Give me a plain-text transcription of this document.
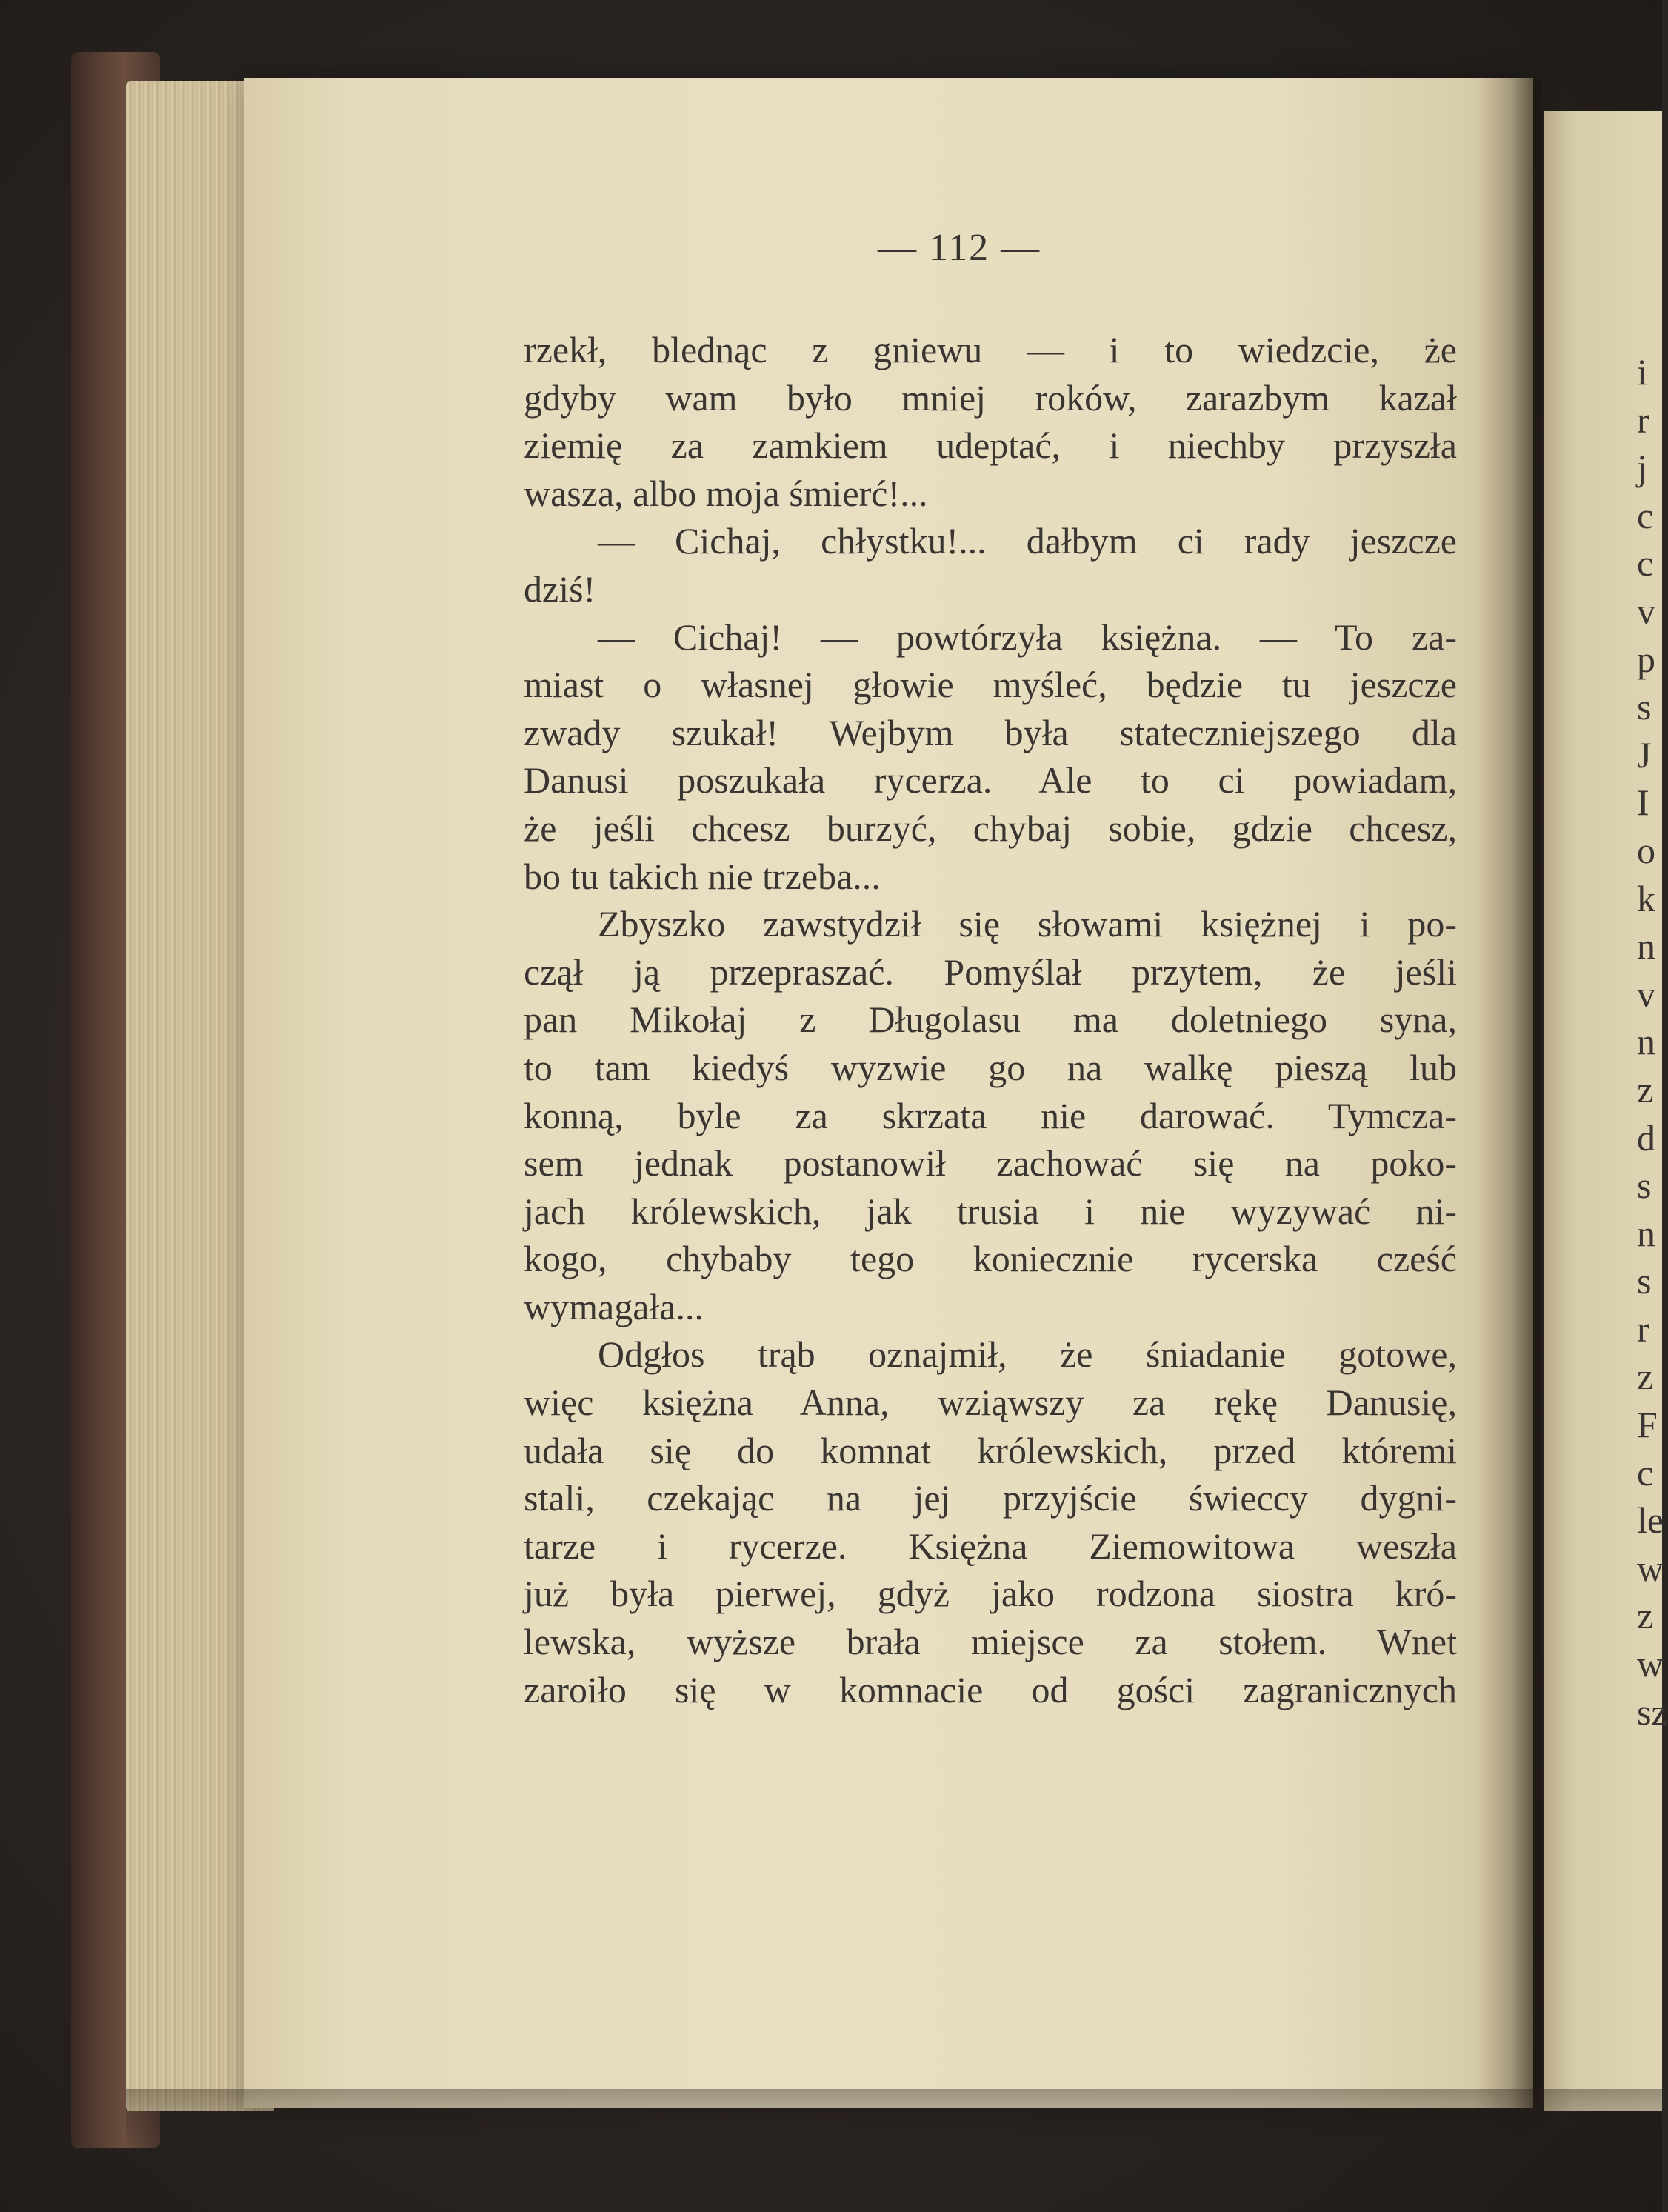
— 112 —
rzekł, blednąc z gniewu — i to wiedzcie, że
gdyby wam było mniej roków, zarazbym kazał
ziemię za zamkiem udeptać, i niechby przyszła
wasza, albo moja śmierć!...
— Cichaj, chłystku!... dałbym ci rady jeszcze
dziś!
— Cichaj! — powtórzyła księżna. — To za-
miast o własnej głowie myśleć, będzie tu jeszcze
zwady szukał! Wejbym była stateczniejszego dla
Danusi poszukała rycerza. Ale to ci powiadam,
że jeśli chcesz burzyć, chybaj sobie, gdzie chcesz,
bo tu takich nie trzeba...
Zbyszko zawstydził się słowami księżnej i po-
czął ją przepraszać. Pomyślał przytem, że jeśli
pan Mikołaj z Długolasu ma doletniego syna,
to tam kiedyś wyzwie go na walkę pieszą lub
konną, byle za skrzata nie darować. Tymcza-
sem jednak postanowił zachować się na poko-
jach królewskich, jak trusia i nie wyzywać ni-
kogo, chybaby tego koniecznie rycerska cześć
wymagała...
Odgłos trąb oznajmił, że śniadanie gotowe,
więc księżna Anna, wziąwszy za rękę Danusię,
udała się do komnat królewskich, przed któremi
stali, czekając na jej przyjście świeccy dygni-
tarze i rycerze. Księżna Ziemowitowa weszła
już była pierwej, gdyż jako rodzona siostra kró-
lewska, wyższe brała miejsce za stołem. Wnet
zaroiło się w komnacie od gości zagranicznych
i
r
j
c
c
v
p
s
J
I
o
k
n
v
n
z
d
s
n
s
r
z
F
c
le
w
z
w
sz
